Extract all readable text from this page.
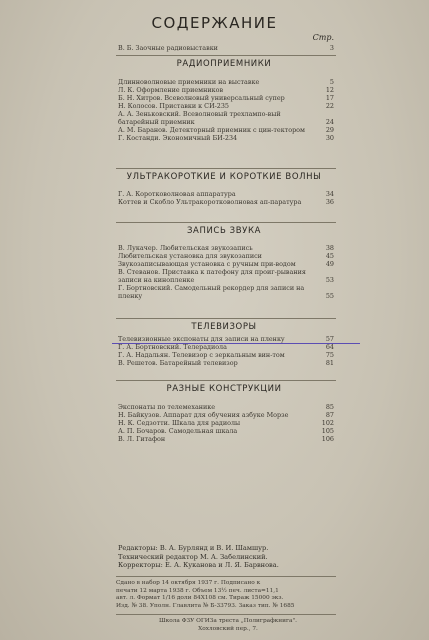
СОДЕРЖАНИЕ
Стр.
В. Б. Заочные радиовыставки	3
РАДИОПРИЕМНИКИ
Длинноволновые приемники на выставке	5
Л. К. Оформление приемников	12
Б. Н. Хитров. Всеволновый универсальный супер	17
Н. Колосов. Приставки к СИ-235	22
А. А. Зеньковский. Всеволновый трехлампо-вый батарейный приемник	24
А. М. Баранов. Детекторный приемник с цин-тектором	29
Г. Костанди. Экономичный БИ-234	30
УЛЬТРАКОРОТКИЕ И КОРОТКИЕ ВОЛНЫ
Г. А. Коротковолновая аппаратура	34
Коттев и Скобло Ультракоротковолновая ап-паратура	36
ЗАПИСЬ ЗВУКА
В. Лукачер. Любительская звукозапись	38
Любительская установка для звукозаписи	45
Звукозаписывающая установка с ручным при-водом	49
В. Стеванов. Приставка к патефону для проиг-рывания записи на кинопленке	53
Г. Бортновский. Самодельный рекордер для записи на пленку	55
ТЕЛЕВИЗОРЫ
Телевизионные экспонаты для записи на пленку	57
Г. А. Бортновский. Телерадиола	64
Г. А. Надальян. Телевизор с зеркальным вин-том	75
В. Решетов. Батарейный телевизор	81
РАЗНЫЕ КОНСТРУКЦИИ
Экспонаты по телемеханике	85
Н. Байкузов. Аппарат для обучения азбуке Морзе	87
Н. К. Седзотти. Шкала для радиолы	102
А. П. Бочаров. Самодельная шкала	105
В. Л. Гитафон	106
Редакторы: В. А. Бурлянд и В. И. Шамшур.
Технический редактор М. А. Забелинский.
Корректоры: Е. А. Куканова и Л. Я. Барвнова.
Сдано в набор 14 октября 1937 г. Подписано к
печати 12 марта 1938 г. Объем 13½ печ. листа=11,1
авт. л. Формат 1/16 доли 84Х108 см. Тираж 15000 экз.
Изд. № 38. Уполн. Главлита № Б-33793. Заказ тип. № 1685
Школа ФЗУ ОГИЗа треста „Полиграфкнига".
Хохловский пер., 7.
